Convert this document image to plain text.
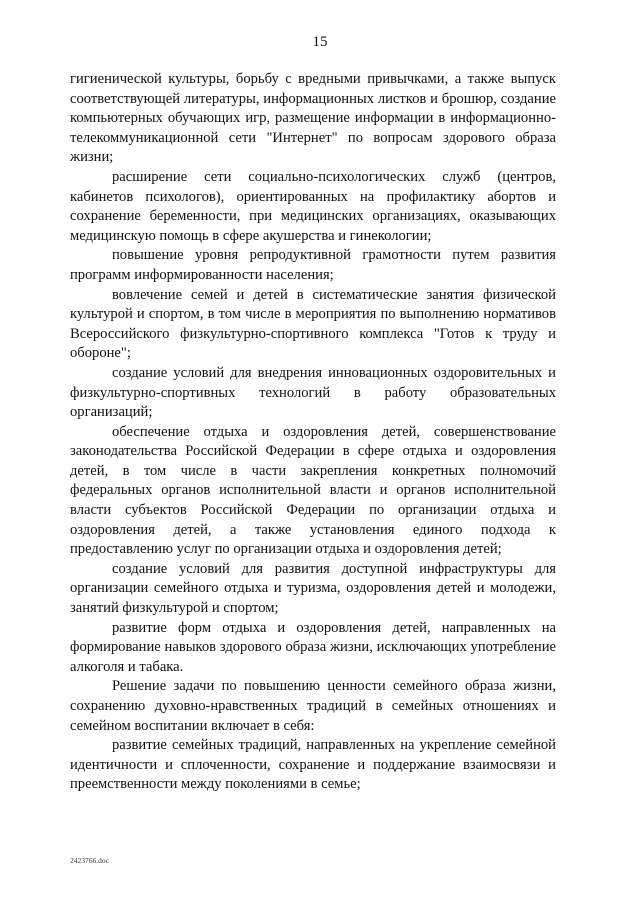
15

гигиенической культуры, борьбу с вредными привычками, а также выпуск соответствующей литературы, информационных листков и брошюр, создание компьютерных обучающих игр, размещение информации в информационно-телекоммуникационной сети "Интернет" по вопросам здорового образа жизни;

расширение сети социально-психологических служб (центров, кабинетов психологов), ориентированных на профилактику абортов и сохранение беременности, при медицинских организациях, оказывающих медицинскую помощь в сфере акушерства и гинекологии;

повышение уровня репродуктивной грамотности путем развития программ информированности населения;

вовлечение семей и детей в систематические занятия физической культурой и спортом, в том числе в мероприятия по выполнению нормативов Всероссийского физкультурно-спортивного комплекса "Готов к труду и обороне";

создание условий для внедрения инновационных оздоровительных и физкультурно-спортивных технологий в работу образовательных организаций;

обеспечение отдыха и оздоровления детей, совершенствование законодательства Российской Федерации в сфере отдыха и оздоровления детей, в том числе в части закрепления конкретных полномочий федеральных органов исполнительной власти и органов исполнительной власти субъектов Российской Федерации по организации отдыха и оздоровления детей, а также установления единого подхода к предоставлению услуг по организации отдыха и оздоровления детей;

создание условий для развития доступной инфраструктуры для организации семейного отдыха и туризма, оздоровления детей и молодежи, занятий физкультурой и спортом;

развитие форм отдыха и оздоровления детей, направленных на формирование навыков здорового образа жизни, исключающих употребление алкоголя и табака.

Решение задачи по повышению ценности семейного образа жизни, сохранению духовно-нравственных традиций в семейных отношениях и семейном воспитании включает в себя:

развитие семейных традиций, направленных на укрепление семейной идентичности и сплоченности, сохранение и поддержание взаимосвязи и преемственности между поколениями в семье;

2423766.doc
